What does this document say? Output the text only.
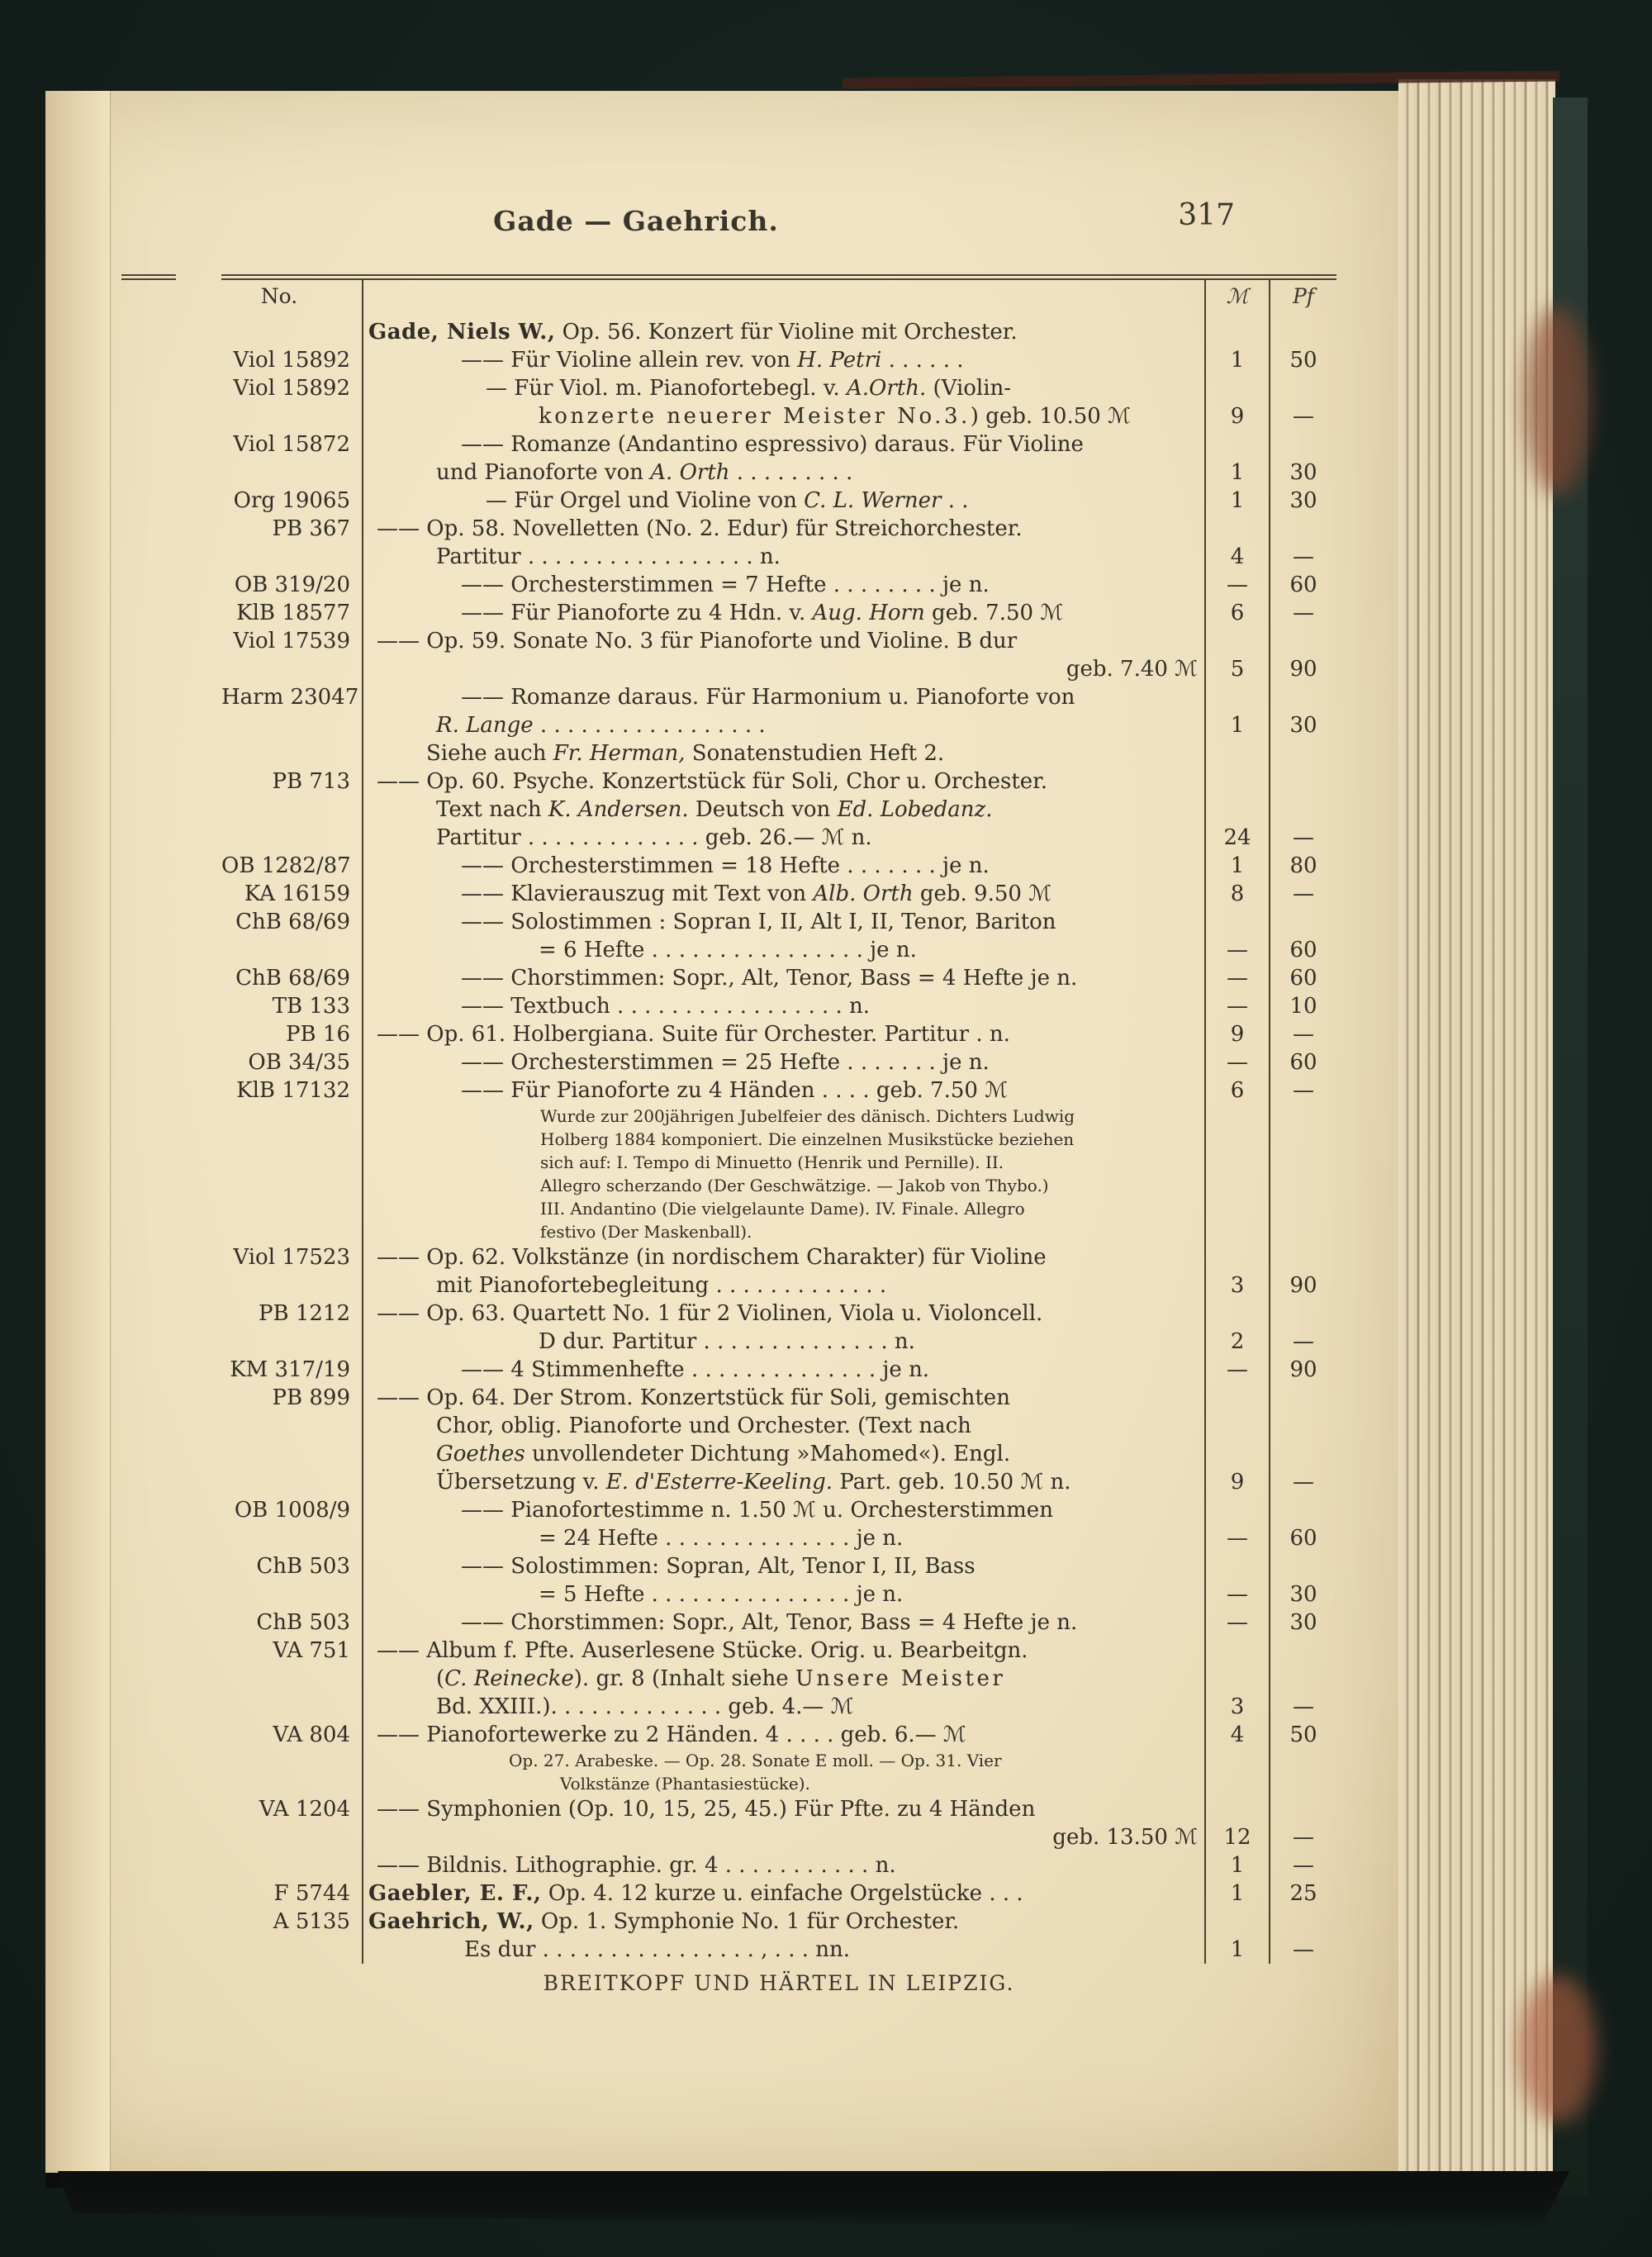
Gade — Gaehrich.	317
No.	ℳ	Pf
Gade, Niels W., Op. 56. Konzert für Violine mit Orchester.
Viol 15892	—— Für Violine allein rev. von H. Petri . . . . . .	1	50
Viol 15892	— Für Viol. m. Pianofortebegl. v. A.Orth. (Violin-
konzerte neuerer Meister No.3.) geb. 10.50 ℳ	9	—
Viol 15872	—— Romanze (Andantino espressivo) daraus. Für Violine
und Pianoforte von A. Orth . . . . . . . . .	1	30
Org 19065	— Für Orgel und Violine von C. L. Werner . .	1	30
PB 367	—— Op. 58. Novelletten (No. 2. Edur) für Streichorchester.
Partitur . . . . . . . . . . . . . . . . . n.	4	—
OB 319/20	—— Orchesterstimmen = 7 Hefte . . . . . . . . je n.	—	60
KlB 18577	—— Für Pianoforte zu 4 Hdn. v. Aug. Horn geb. 7.50 ℳ	6	—
Viol 17539	—— Op. 59. Sonate No. 3 für Pianoforte und Violine. B dur
geb. 7.40 ℳ	5	90
Harm 23047	—— Romanze daraus. Für Harmonium u. Pianoforte von
R. Lange . . . . . . . . . . . . . . . . .	1	30
Siehe auch Fr. Herman, Sonatenstudien Heft 2.
PB 713	—— Op. 60. Psyche. Konzertstück für Soli, Chor u. Orchester.
Text nach K. Andersen. Deutsch von Ed. Lobedanz.
Partitur . . . . . . . . . . . . . geb. 26.— ℳ n.	24	—
OB 1282/87	—— Orchesterstimmen = 18 Hefte . . . . . . . je n.	1	80
KA 16159	—— Klavierauszug mit Text von Alb. Orth geb. 9.50 ℳ	8	—
ChB 68/69	—— Solostimmen : Sopran I, II, Alt I, II, Tenor, Bariton
= 6 Hefte . . . . . . . . . . . . . . . . je n.	—	60
ChB 68/69	—— Chorstimmen: Sopr., Alt, Tenor, Bass = 4 Hefte je n.	—	60
TB 133	—— Textbuch . . . . . . . . . . . . . . . . . n.	—	10
PB 16	—— Op. 61. Holbergiana. Suite für Orchester. Partitur . n.	9	—
OB 34/35	—— Orchesterstimmen = 25 Hefte . . . . . . . je n.	—	60
KlB 17132	—— Für Pianoforte zu 4 Händen . . . . geb. 7.50 ℳ	6	—
Wurde zur 200jährigen Jubelfeier des dänisch. Dichters Ludwig
Holberg 1884 komponiert. Die einzelnen Musikstücke beziehen
sich auf: I. Tempo di Minuetto (Henrik und Pernille). II.
Allegro scherzando (Der Geschwätzige. — Jakob von Thybo.)
III. Andantino (Die vielgelaunte Dame). IV. Finale. Allegro
festivo (Der Maskenball).
Viol 17523	—— Op. 62. Volkstänze (in nordischem Charakter) für Violine
mit Pianofortebegleitung . . . . . . . . . . . . .	3	90
PB 1212	—— Op. 63. Quartett No. 1 für 2 Violinen, Viola u. Violoncell.
D dur. Partitur . . . . . . . . . . . . . . n.	2	—
KM 317/19	—— 4 Stimmenhefte . . . . . . . . . . . . . . je n.	—	90
PB 899	—— Op. 64. Der Strom. Konzertstück für Soli, gemischten
Chor, oblig. Pianoforte und Orchester. (Text nach
Goethes unvollendeter Dichtung »Mahomed«). Engl.
Übersetzung v. E. d'Esterre-Keeling. Part. geb. 10.50 ℳ n.	9	—
OB 1008/9	—— Pianofortestimme n. 1.50 ℳ u. Orchesterstimmen
= 24 Hefte . . . . . . . . . . . . . . je n.	—	60
ChB 503	—— Solostimmen: Sopran, Alt, Tenor I, II, Bass
= 5 Hefte . . . . . . . . . . . . . . . je n.	—	30
ChB 503	—— Chorstimmen: Sopr., Alt, Tenor, Bass = 4 Hefte je n.	—	30
VA 751	—— Album f. Pfte. Auserlesene Stücke. Orig. u. Bearbeitgn.
(C. Reinecke). gr. 8 (Inhalt siehe Unsere Meister
Bd. XXIII.). . . . . . . . . . . . . geb. 4.— ℳ	3	—
VA 804	—— Pianofortewerke zu 2 Händen. 4 . . . . geb. 6.— ℳ	4	50
Op. 27. Arabeske. — Op. 28. Sonate E moll. — Op. 31. Vier
Volkstänze (Phantasiestücke).
VA 1204	—— Symphonien (Op. 10, 15, 25, 45.) Für Pfte. zu 4 Händen
geb. 13.50 ℳ	12	—
—— Bildnis. Lithographie. gr. 4 . . . . . . . . . . . n.	1	—
F 5744 Gaebler, E. F., Op. 4. 12 kurze u. einfache Orgelstücke . . .	1	25
A 5135 Gaehrich, W., Op. 1. Symphonie No. 1 für Orchester.
Es dur . . . . . . . . . . . . . . . . , . . . nn.	1	—
BREITKOPF UND HÄRTEL IN LEIPZIG.
